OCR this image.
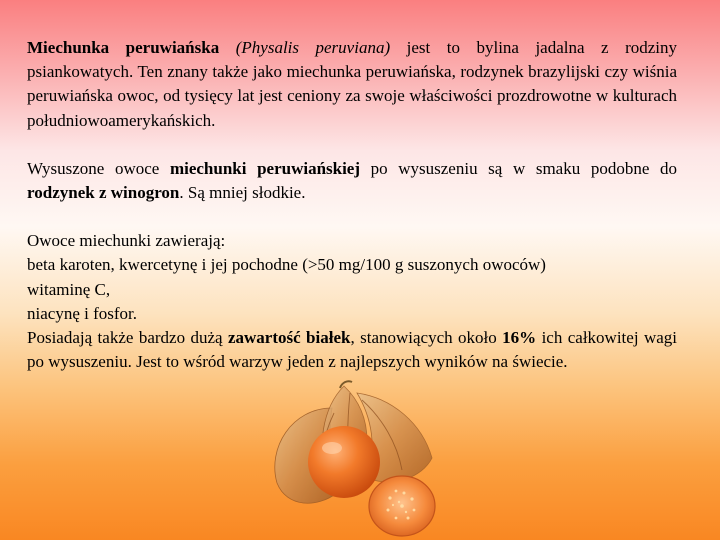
Miechunka peruwiańska (Physalis peruviana) jest to bylina jadalna z rodziny psiankowatych. Ten znany także jako miechunka peruwiańska, rodzynek brazylijski czy wiśnia peruwiańska owoc, od tysięcy lat jest ceniony za swoje właściwości prozdrowotne w kulturach południowoamerykańskich.

Wysuszone owoce miechunki peruwiańskiej po wysuszeniu są w smaku podobne do rodzynek z winogron. Są mniej słodkie.

Owoce miechunki zawierają:
beta karoten, kwercetynę i jej pochodne (>50 mg/100 g suszonych owoców)
witaminę C,
niacynę i fosfor.

Posiadają także bardzo dużą zawartość białek, stanowiących około 16% ich całkowitej wagi po wysuszeniu. Jest to wśród warzyw jeden z najlepszych wyników na świecie.
